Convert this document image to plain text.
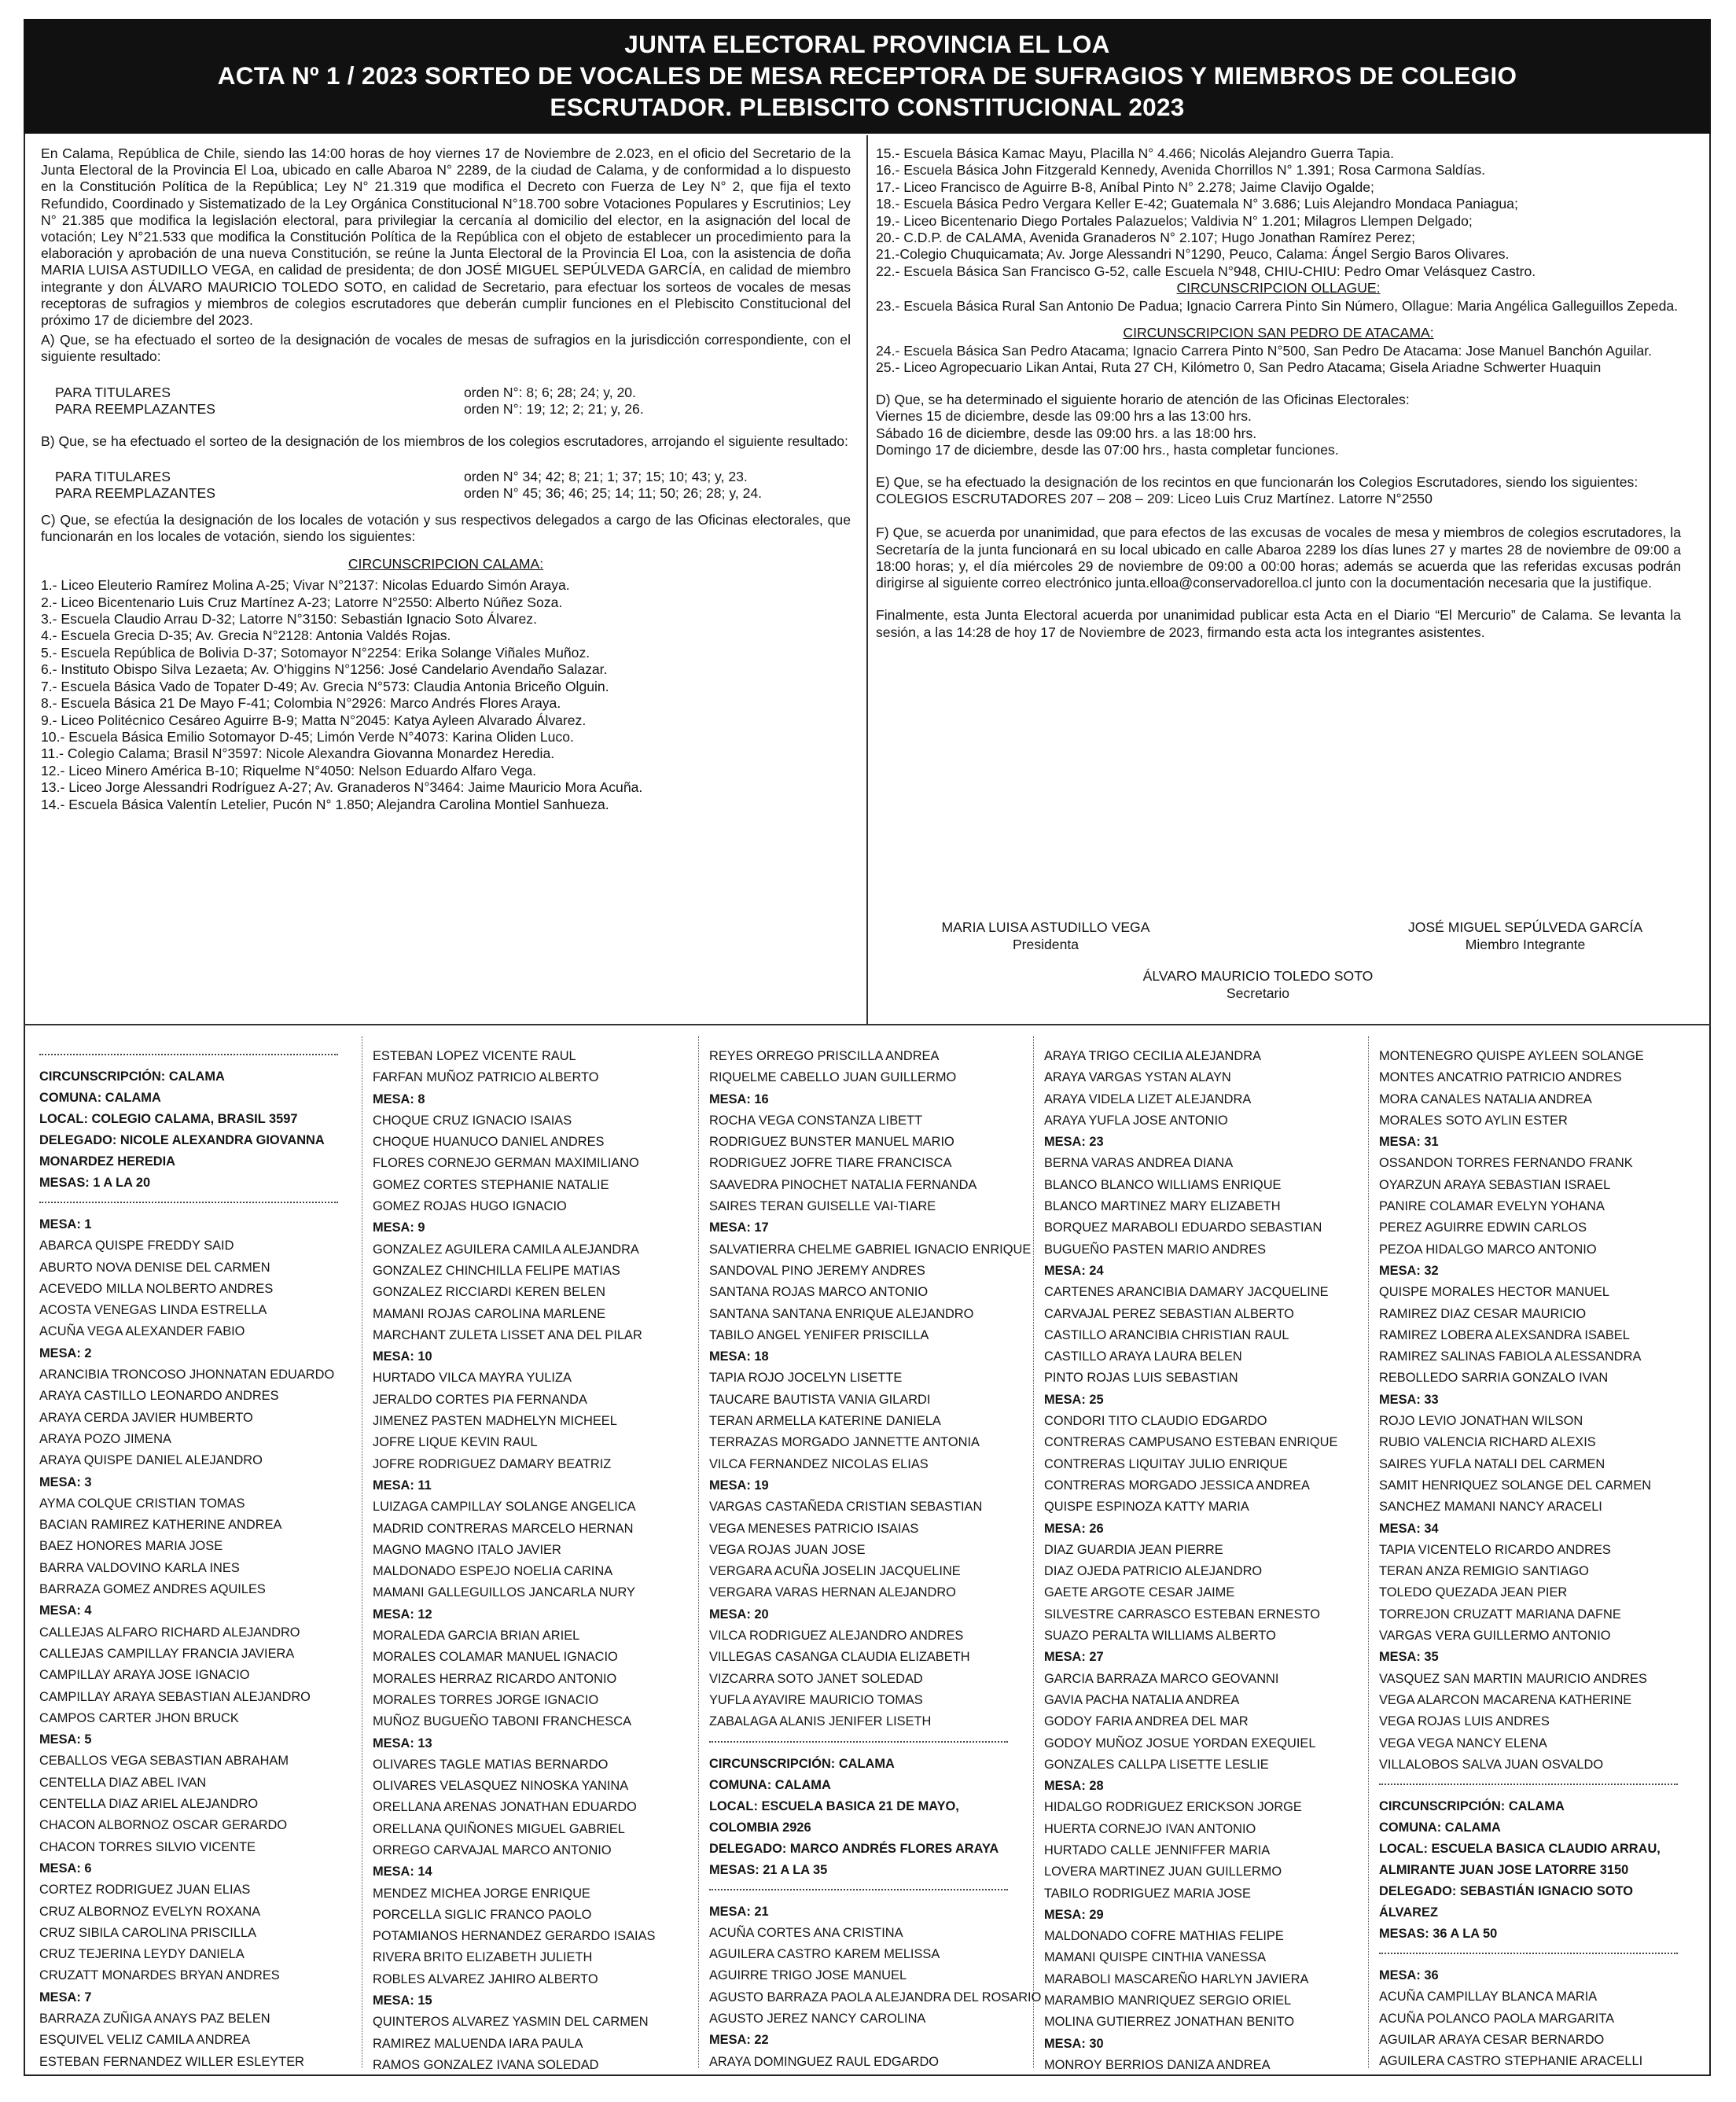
JUNTA ELECTORAL PROVINCIA EL LOA
ACTA Nº 1 / 2023 SORTEO DE VOCALES DE MESA RECEPTORA DE SUFRAGIOS Y MIEMBROS DE COLEGIO
ESCRUTADOR. PLEBISCITO CONSTITUCIONAL 2023

En Calama, República de Chile, siendo las 14:00 horas de hoy viernes 17 de Noviembre de 2.023, en el oficio del Secretario de la Junta Electoral de la Provincia El Loa, ubicado en calle Abaroa N° 2289, de la ciudad de Calama, y de conformidad a lo dispuesto en la Constitución Política de la República; Ley N° 21.319 que modifica el Decreto con Fuerza de Ley N° 2, que fija el texto Refundido, Coordinado y Sistematizado de la Ley Orgánica Constitucional N°18.700 sobre Votaciones Populares y Escrutinios; Ley N° 21.385 que modifica la legislación electoral, para privilegiar la cercanía al domicilio del elector, en la asignación del local de votación; Ley N°21.533 que modifica la Constitución Política de la República con el objeto de establecer un procedimiento para la elaboración y aprobación de una nueva Constitución, se reúne la Junta Electoral de la Provincia El Loa, con la asistencia de doña MARIA LUISA ASTUDILLO VEGA, en calidad de presidenta; de don JOSÉ MIGUEL SEPÚLVEDA GARCÍA, en calidad de miembro integrante y don ÁLVARO MAURICIO TOLEDO SOTO, en calidad de Secretario, para efectuar los sorteos de vocales de mesas receptoras de sufragios y miembros de colegios escrutadores que deberán cumplir funciones en el Plebiscito Constitucional del próximo 17 de diciembre del 2023.

A) Que, se ha efectuado el sorteo de la designación de vocales de mesas de sufragios en la jurisdicción correspondiente, con el siguiente resultado:

PARA TITULARES	orden N°: 8; 6; 28; 24; y, 20.
PARA REEMPLAZANTES	orden N°: 19; 12; 2; 21; y, 26.

B) Que, se ha efectuado el sorteo de la designación de los miembros de los colegios escrutadores, arrojando el siguiente resultado:

PARA TITULARES	orden N° 34; 42; 8; 21; 1; 37; 15; 10; 43; y, 23.
PARA REEMPLAZANTES	orden N° 45; 36; 46; 25; 14; 11; 50; 26; 28; y, 24.

C) Que, se efectúa la designación de los locales de votación y sus respectivos delegados a cargo de las Oficinas electorales, que funcionarán en los locales de votación, siendo los siguientes:

CIRCUNSCRIPCION CALAMA:
1.- Liceo Eleuterio Ramírez Molina A-25; Vivar N°2137: Nicolas Eduardo Simón Araya.
2.- Liceo Bicentenario Luis Cruz Martínez A-23; Latorre N°2550: Alberto Núñez Soza.
3.- Escuela Claudio Arrau D-32; Latorre N°3150: Sebastián Ignacio Soto Álvarez.
4.- Escuela Grecia D-35; Av. Grecia N°2128: Antonia Valdés Rojas.
5.- Escuela República de Bolivia D-37; Sotomayor N°2254: Erika Solange Viñales Muñoz.
6.- Instituto Obispo Silva Lezaeta; Av. O'higgins N°1256: José Candelario Avendaño Salazar.
7.- Escuela Básica Vado de Topater D-49; Av. Grecia N°573: Claudia Antonia Briceño Olguin.
8.- Escuela Básica 21 De Mayo F-41; Colombia N°2926: Marco Andrés Flores Araya.
9.- Liceo Politécnico Cesáreo Aguirre B-9; Matta N°2045: Katya Ayleen Alvarado Álvarez.
10.- Escuela Básica Emilio Sotomayor D-45; Limón Verde N°4073: Karina Oliden Luco.
11.- Colegio Calama; Brasil N°3597: Nicole Alexandra Giovanna Monardez Heredia.
12.- Liceo Minero América B-10; Riquelme N°4050: Nelson Eduardo Alfaro Vega.
13.- Liceo Jorge Alessandri Rodríguez A-27; Av. Granaderos N°3464: Jaime Mauricio Mora Acuña.
14.- Escuela Básica Valentín Letelier, Pucón N° 1.850; Alejandra Carolina Montiel Sanhueza.
15.- Escuela Básica Kamac Mayu, Placilla N° 4.466; Nicolás Alejandro Guerra Tapia.
16.- Escuela Básica John Fitzgerald Kennedy, Avenida Chorrillos N° 1.391; Rosa Carmona Saldías.
17.- Liceo Francisco de Aguirre B-8, Aníbal Pinto N° 2.278; Jaime Clavijo Ogalde;
18.- Escuela Básica Pedro Vergara Keller E-42; Guatemala N° 3.686; Luis Alejandro Mondaca Paniagua;
19.- Liceo Bicentenario Diego Portales Palazuelos; Valdivia N° 1.201; Milagros Llempen Delgado;
20.- C.D.P. de CALAMA, Avenida Granaderos N° 2.107; Hugo Jonathan Ramírez Perez;
21.-Colegio Chuquicamata; Av. Jorge Alessandri N°1290, Peuco, Calama: Ángel Sergio Baros Olivares.
22.- Escuela Básica San Francisco G-52, calle Escuela N°948, CHIU-CHIU: Pedro Omar Velásquez Castro.
CIRCUNSCRIPCION OLLAGUE:
23.- Escuela Básica Rural San Antonio De Padua; Ignacio Carrera Pinto Sin Número, Ollague: Maria Angélica Galleguillos Zepeda.
CIRCUNSCRIPCION SAN PEDRO DE ATACAMA:
24.- Escuela Básica San Pedro Atacama; Ignacio Carrera Pinto N°500, San Pedro De Atacama: Jose Manuel Banchón Aguilar.
25.- Liceo Agropecuario Likan Antai, Ruta 27 CH, Kilómetro 0, San Pedro Atacama; Gisela Ariadne Schwerter Huaquin
D) Que, se ha determinado el siguiente horario de atención de las Oficinas Electorales:
Viernes 15 de diciembre, desde las 09:00 hrs a las 13:00 hrs.
Sábado 16 de diciembre, desde las 09:00 hrs. a las 18:00 hrs.
Domingo 17 de diciembre, desde las 07:00 hrs., hasta completar funciones.
E) Que, se ha efectuado la designación de los recintos en que funcionarán los Colegios Escrutadores, siendo los siguientes:
COLEGIOS ESCRUTADORES 207 – 208 – 209: Liceo Luis Cruz Martínez. Latorre N°2550

F) Que, se acuerda por unanimidad, que para efectos de las excusas de vocales de mesa y miembros de colegios escrutadores, la Secretaría de la junta funcionará en su local ubicado en calle Abaroa 2289 los días lunes 27 y martes 28 de noviembre de 09:00 a 18:00 horas; y, el día miércoles 29 de noviembre de 09:00 a 00:00 horas; además se acuerda que las referidas excusas podrán dirigirse al siguiente correo electrónico junta.elloa@conservadorelloa.cl junto con la documentación necesaria que la justifique.

Finalmente, esta Junta Electoral acuerda por unanimidad publicar esta Acta en el Diario “El Mercurio” de Calama. Se levanta la sesión, a las 14:28 de hoy 17 de Noviembre de 2023, firmando esta acta los integrantes asistentes.

MARIA LUISA ASTUDILLO VEGA
Presidenta
JOSÉ MIGUEL SEPÚLVEDA GARCÍA
Miembro Integrante
ÁLVARO MAURICIO TOLEDO SOTO
Secretario
CIRCUNSCRIPCIÓN: CALAMA
COMUNA: CALAMA
LOCAL: COLEGIO CALAMA, BRASIL 3597
DELEGADO: NICOLE ALEXANDRA GIOVANNA MONARDEZ HEREDIA
MESAS: 1 A LA 20
MESA: 1
ABARCA QUISPE FREDDY SAID
ABURTO NOVA DENISE DEL CARMEN
ACEVEDO MILLA NOLBERTO ANDRES
ACOSTA VENEGAS LINDA ESTRELLA
ACUÑA VEGA ALEXANDER FABIO
MESA: 2
ARANCIBIA TRONCOSO JHONNATAN EDUARDO
ARAYA CASTILLO LEONARDO ANDRES
ARAYA CERDA JAVIER HUMBERTO
ARAYA POZO JIMENA
ARAYA QUISPE DANIEL ALEJANDRO
MESA: 3
AYMA COLQUE CRISTIAN TOMAS
BACIAN RAMIREZ KATHERINE ANDREA
BAEZ HONORES MARIA JOSE
BARRA VALDOVINO KARLA INES
BARRAZA GOMEZ ANDRES AQUILES
MESA: 4
CALLEJAS ALFARO RICHARD ALEJANDRO
CALLEJAS CAMPILLAY FRANCIA JAVIERA
CAMPILLAY ARAYA JOSE IGNACIO
CAMPILLAY ARAYA SEBASTIAN ALEJANDRO
CAMPOS CARTER JHON BRUCK
MESA: 5
CEBALLOS VEGA SEBASTIAN ABRAHAM
CENTELLA DIAZ ABEL IVAN
CENTELLA DIAZ ARIEL ALEJANDRO
CHACON ALBORNOZ OSCAR GERARDO
CHACON TORRES SILVIO VICENTE
MESA: 6
CORTEZ RODRIGUEZ JUAN ELIAS
CRUZ ALBORNOZ EVELYN ROXANA
CRUZ SIBILA CAROLINA PRISCILLA
CRUZ TEJERINA LEYDY DANIELA
CRUZATT MONARDES BRYAN ANDRES
MESA: 7
BARRAZA ZUÑIGA ANAYS PAZ BELEN
ESQUIVEL VELIZ CAMILA ANDREA
ESTEBAN FERNANDEZ WILLER ESLEYTER
ESTEBAN LOPEZ VICENTE RAUL
FARFAN MUÑOZ PATRICIO ALBERTO
MESA: 8
CHOQUE CRUZ IGNACIO ISAIAS
CHOQUE HUANUCO DANIEL ANDRES
FLORES CORNEJO GERMAN MAXIMILIANO
GOMEZ CORTES STEPHANIE NATALIE
GOMEZ ROJAS HUGO IGNACIO
MESA: 9
GONZALEZ AGUILERA CAMILA ALEJANDRA
GONZALEZ CHINCHILLA FELIPE MATIAS
GONZALEZ RICCIARDI KEREN BELEN
MAMANI ROJAS CAROLINA MARLENE
MARCHANT ZULETA LISSET ANA DEL PILAR
MESA: 10
HURTADO VILCA MAYRA YULIZA
JERALDO CORTES PIA FERNANDA
JIMENEZ PASTEN MADHELYN MICHEEL
JOFRE LIQUE KEVIN RAUL
JOFRE RODRIGUEZ DAMARY BEATRIZ
MESA: 11
LUIZAGA CAMPILLAY SOLANGE ANGELICA
MADRID CONTRERAS MARCELO HERNAN
MAGNO MAGNO ITALO JAVIER
MALDONADO ESPEJO NOELIA CARINA
MAMANI GALLEGUILLOS JANCARLA NURY
MESA: 12
MORALEDA GARCIA BRIAN ARIEL
MORALES COLAMAR MANUEL IGNACIO
MORALES HERRAZ RICARDO ANTONIO
MORALES TORRES JORGE IGNACIO
MUÑOZ BUGUEÑO TABONI FRANCHESCA
MESA: 13
OLIVARES TAGLE MATIAS BERNARDO
OLIVARES VELASQUEZ NINOSKA YANINA
ORELLANA ARENAS JONATHAN EDUARDO
ORELLANA QUIÑONES MIGUEL GABRIEL
ORREGO CARVAJAL MARCO ANTONIO
MESA: 14
MENDEZ MICHEA JORGE ENRIQUE
PORCELLA SIGLIC FRANCO PAOLO
POTAMIANOS HERNANDEZ GERARDO ISAIAS
RIVERA BRITO ELIZABETH JULIETH
ROBLES ALVAREZ JAHIRO ALBERTO
MESA: 15
QUINTEROS ALVAREZ YASMIN DEL CARMEN
RAMIREZ MALUENDA IARA PAULA
RAMOS GONZALEZ IVANA SOLEDAD
REYES ORREGO PRISCILLA ANDREA
RIQUELME CABELLO JUAN GUILLERMO
MESA: 16
ROCHA VEGA CONSTANZA LIBETT
RODRIGUEZ BUNSTER MANUEL MARIO
RODRIGUEZ JOFRE TIARE FRANCISCA
SAAVEDRA PINOCHET NATALIA FERNANDA
SAIRES TERAN GUISELLE VAI-TIARE
MESA: 17
SALVATIERRA CHELME GABRIEL IGNACIO ENRIQUE
SANDOVAL PINO JEREMY ANDRES
SANTANA ROJAS MARCO ANTONIO
SANTANA SANTANA ENRIQUE ALEJANDRO
TABILO ANGEL YENIFER PRISCILLA
MESA: 18
TAPIA ROJO JOCELYN LISETTE
TAUCARE BAUTISTA VANIA GILARDI
TERAN ARMELLA KATERINE DANIELA
TERRAZAS MORGADO JANNETTE ANTONIA
VILCA FERNANDEZ NICOLAS ELIAS
MESA: 19
VARGAS CASTAÑEDA CRISTIAN SEBASTIAN
VEGA MENESES PATRICIO ISAIAS
VEGA ROJAS JUAN JOSE
VERGARA ACUÑA JOSELIN JACQUELINE
VERGARA VARAS HERNAN ALEJANDRO
MESA: 20
VILCA RODRIGUEZ ALEJANDRO ANDRES
VILLEGAS CASANGA CLAUDIA ELIZABETH
VIZCARRA SOTO JANET SOLEDAD
YUFLA AYAVIRE MAURICIO TOMAS
ZABALAGA ALANIS JENIFER LISETH
CIRCUNSCRIPCIÓN: CALAMA
COMUNA: CALAMA
LOCAL: ESCUELA BASICA 21 DE MAYO, COLOMBIA 2926
DELEGADO: MARCO ANDRÉS FLORES ARAYA
MESAS: 21 A LA 35
MESA: 21
ACUÑA CORTES ANA CRISTINA
AGUILERA CASTRO KAREM MELISSA
AGUIRRE TRIGO JOSE MANUEL
AGUSTO BARRAZA PAOLA ALEJANDRA DEL ROSARIO
AGUSTO JEREZ NANCY CAROLINA
MESA: 22
ARAYA DOMINGUEZ RAUL EDGARDO
ARAYA TRIGO CECILIA ALEJANDRA
ARAYA VARGAS YSTAN ALAYN
ARAYA VIDELA LIZET ALEJANDRA
ARAYA YUFLA JOSE ANTONIO
MESA: 23
BERNA VARAS ANDREA DIANA
BLANCO BLANCO WILLIAMS ENRIQUE
BLANCO MARTINEZ MARY ELIZABETH
BORQUEZ MARABOLI EDUARDO SEBASTIAN
BUGUEÑO PASTEN MARIO ANDRES
MESA: 24
CARTENES ARANCIBIA DAMARY JACQUELINE
CARVAJAL PEREZ SEBASTIAN ALBERTO
CASTILLO ARANCIBIA CHRISTIAN RAUL
CASTILLO ARAYA LAURA BELEN
PINTO ROJAS LUIS SEBASTIAN
MESA: 25
CONDORI TITO CLAUDIO EDGARDO
CONTRERAS CAMPUSANO ESTEBAN ENRIQUE
CONTRERAS LIQUITAY JULIO ENRIQUE
CONTRERAS MORGADO JESSICA ANDREA
QUISPE ESPINOZA KATTY MARIA
MESA: 26
DIAZ GUARDIA JEAN PIERRE
DIAZ OJEDA PATRICIO ALEJANDRO
GAETE ARGOTE CESAR JAIME
SILVESTRE CARRASCO ESTEBAN ERNESTO
SUAZO PERALTA WILLIAMS ALBERTO
MESA: 27
GARCIA BARRAZA MARCO GEOVANNI
GAVIA PACHA NATALIA ANDREA
GODOY FARIA ANDREA DEL MAR
GODOY MUÑOZ JOSUE YORDAN EXEQUIEL
GONZALES CALLPA LISETTE LESLIE
MESA: 28
HIDALGO RODRIGUEZ ERICKSON JORGE
HUERTA CORNEJO IVAN ANTONIO
HURTADO CALLE JENNIFFER MARIA
LOVERA MARTINEZ JUAN GUILLERMO
TABILO RODRIGUEZ MARIA JOSE
MESA: 29
MALDONADO COFRE MATHIAS FELIPE
MAMANI QUISPE CINTHIA VANESSA
MARABOLI MASCAREÑO HARLYN JAVIERA
MARAMBIO MANRIQUEZ SERGIO ORIEL
MOLINA GUTIERREZ JONATHAN BENITO
MESA: 30
MONROY BERRIOS DANIZA ANDREA
MONTENEGRO QUISPE AYLEEN SOLANGE
MONTES ANCATRIO PATRICIO ANDRES
MORA CANALES NATALIA ANDREA
MORALES SOTO AYLIN ESTER
MESA: 31
OSSANDON TORRES FERNANDO FRANK
OYARZUN ARAYA SEBASTIAN ISRAEL
PANIRE COLAMAR EVELYN YOHANA
PEREZ AGUIRRE EDWIN CARLOS
PEZOA HIDALGO MARCO ANTONIO
MESA: 32
QUISPE MORALES HECTOR MANUEL
RAMIREZ DIAZ CESAR MAURICIO
RAMIREZ LOBERA ALEXSANDRA ISABEL
RAMIREZ SALINAS FABIOLA ALESSANDRA
REBOLLEDO SARRIA GONZALO IVAN
MESA: 33
ROJO LEVIO JONATHAN WILSON
RUBIO VALENCIA RICHARD ALEXIS
SAIRES YUFLA NATALI DEL CARMEN
SAMIT HENRIQUEZ SOLANGE DEL CARMEN
SANCHEZ MAMANI NANCY ARACELI
MESA: 34
TAPIA VICENTELO RICARDO ANDRES
TERAN ANZA REMIGIO SANTIAGO
TOLEDO QUEZADA JEAN PIER
TORREJON CRUZATT MARIANA DAFNE
VARGAS VERA GUILLERMO ANTONIO
MESA: 35
VASQUEZ SAN MARTIN MAURICIO ANDRES
VEGA ALARCON MACARENA KATHERINE
VEGA ROJAS LUIS ANDRES
VEGA VEGA NANCY ELENA
VILLALOBOS SALVA JUAN OSVALDO
CIRCUNSCRIPCIÓN: CALAMA
COMUNA: CALAMA
LOCAL: ESCUELA BASICA CLAUDIO ARRAU, ALMIRANTE JUAN JOSE LATORRE 3150
DELEGADO: SEBASTIÁN IGNACIO SOTO ÁLVAREZ
MESAS: 36 A LA 50
MESA: 36
ACUÑA CAMPILLAY BLANCA MARIA
ACUÑA POLANCO PAOLA MARGARITA
AGUILAR ARAYA CESAR BERNARDO
AGUILERA CASTRO STEPHANIE ARACELLI
